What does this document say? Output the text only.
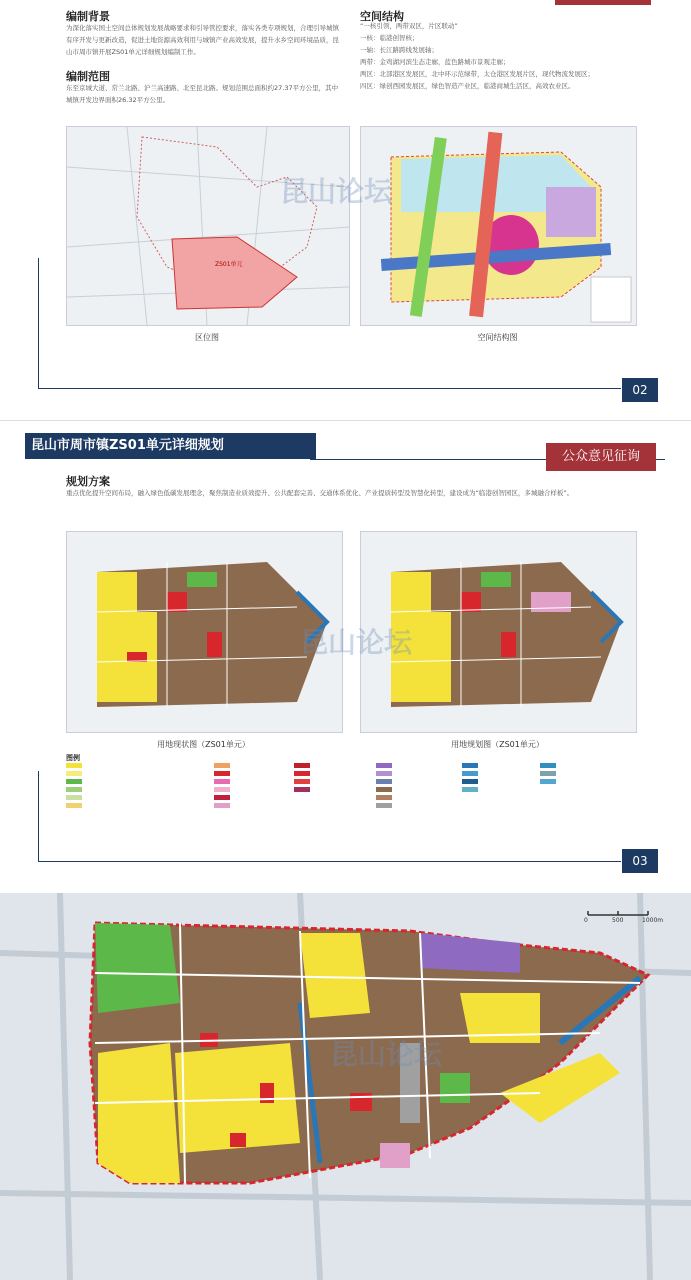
编制背景
为深化落实国土空间总体规划发展战略要求和引导管控要求，落实各类专项规划，合理引导城镇有序开发与更新改造，促进土地资源高效利用与城镇产业高效发展，提升水乡空间环境品质，昆山市周市镇开展ZS01单元详细规划编制工作。
编制范围
东至京城大道、常兰北路、沪兰高速路、北至昆北路。规划范围总面积约27.37平方公里，其中城镇开发边界面积26.32平方公里。
空间结构
“一核引领，两带双区，片区联动”
一核：临港创智核；
一轴：长江路跨线发展轴；
两带：金鸡湖河滨生态走廊，蓝色路城市景观走廊；
两区：北部港区发展区，北中环示范绿带，太仓港区发展片区，现代物流发展区；
四区：绿创西园发展区，绿色智造产业区，临港商城生活区，高效农业区。
ZS01单元
区位图	空间结构图
昆山论坛
02
昆山市周市镇ZS01单元详细规划
公众意见征询
规划方案
重点优化提升空间布局，融入绿色低碳发展理念，聚焦制造业质效提升、公共配套完善、交通体系优化、产业提质转型及智慧化转型，建设成为“临港创智园区，多城融合样板”。
用地现状图（ZS01单元）	用地规划图（ZS01单元）
图例
03
昆山论坛
0	500	1000m
昆山论坛
